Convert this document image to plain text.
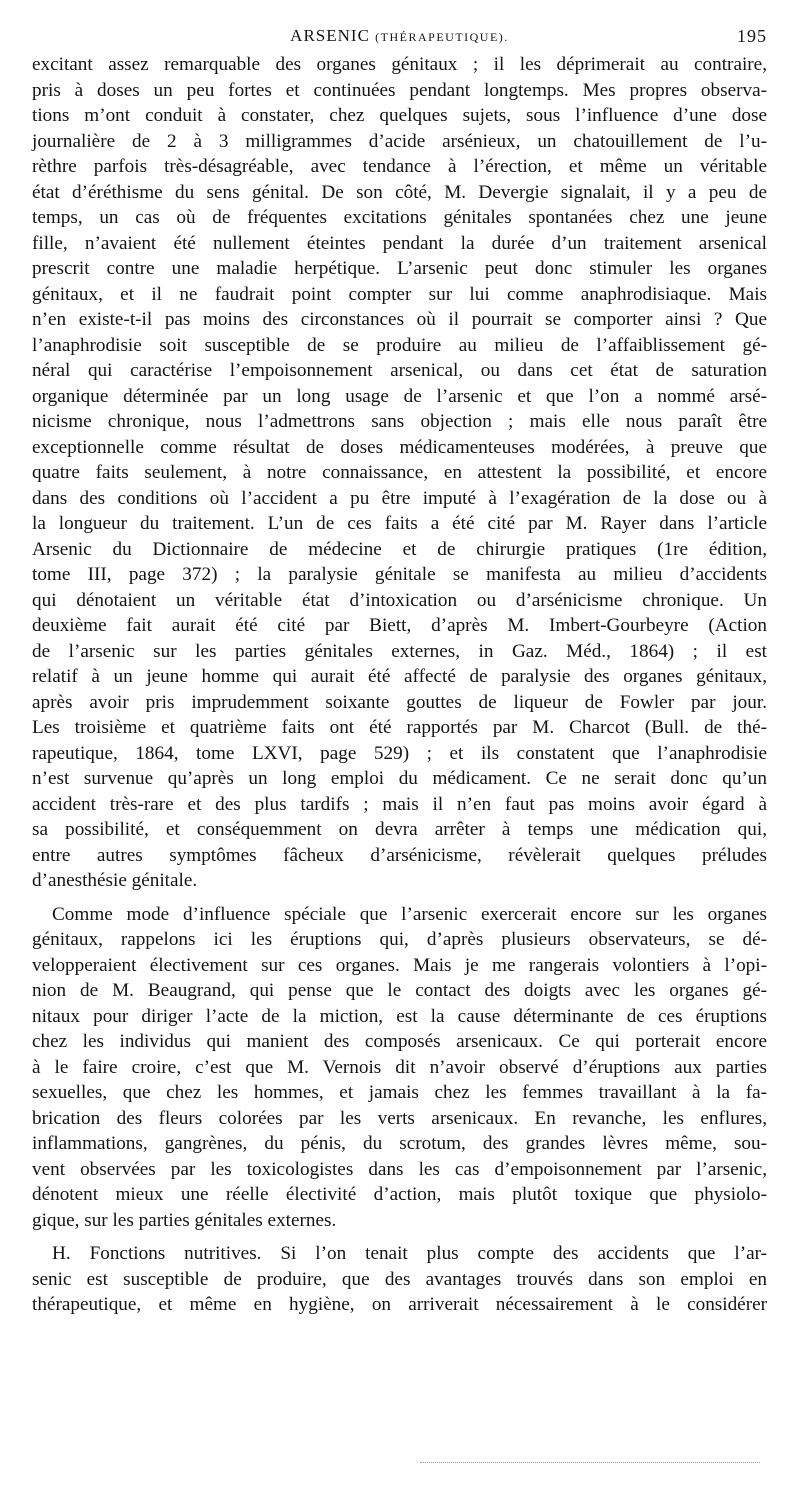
ARSENIC (THÉRAPEUTIQUE).	195

excitant assez remarquable des organes génitaux ; il les déprimerait au contraire,
pris à doses un peu fortes et continuées pendant longtemps. Mes propres observa-
tions m’ont conduit à constater, chez quelques sujets, sous l’influence d’une dose
journalière de 2 à 3 milligrammes d’acide arsénieux, un chatouillement de l’u-
rèthre parfois très-désagréable, avec tendance à l’érection, et même un véritable
état d’éréthisme du sens génital. De son côté, M. Devergie signalait, il y a peu de
temps, un cas où de fréquentes excitations génitales spontanées chez une jeune
fille, n’avaient été nullement éteintes pendant la durée d’un traitement arsenical
prescrit contre une maladie herpétique. L’arsenic peut donc stimuler les organes
génitaux, et il ne faudrait point compter sur lui comme anaphrodisiaque. Mais
n’en existe-t-il pas moins des circonstances où il pourrait se comporter ainsi ? Que
l’anaphrodisie soit susceptible de se produire au milieu de l’affaiblissement gé-
néral qui caractérise l’empoisonnement arsenical, ou dans cet état de saturation
organique déterminée par un long usage de l’arsenic et que l’on a nommé arsé-
nicisme chronique, nous l’admettrons sans objection ; mais elle nous paraît être
exceptionnelle comme résultat de doses médicamenteuses modérées, à preuve que
quatre faits seulement, à notre connaissance, en attestent la possibilité, et encore
dans des conditions où l’accident a pu être imputé à l’exagération de la dose ou à
la longueur du traitement. L’un de ces faits a été cité par M. Rayer dans l’article
Arsenic du Dictionnaire de médecine et de chirurgie pratiques (1re édition,
tome III, page 372) ; la paralysie génitale se manifesta au milieu d’accidents
qui dénotaient un véritable état d’intoxication ou d’arsénicisme chronique. Un
deuxième fait aurait été cité par Biett, d’après M. Imbert-Gourbeyre (Action
de l’arsenic sur les parties génitales externes, in Gaz. Méd., 1864) ; il est
relatif à un jeune homme qui aurait été affecté de paralysie des organes génitaux,
après avoir pris imprudemment soixante gouttes de liqueur de Fowler par jour.
Les troisième et quatrième faits ont été rapportés par M. Charcot (Bull. de thé-
rapeutique, 1864, tome LXVI, page 529) ; et ils constatent que l’anaphrodisie
n’est survenue qu’après un long emploi du médicament. Ce ne serait donc qu’un
accident très-rare et des plus tardifs ; mais il n’en faut pas moins avoir égard à
sa possibilité, et conséquemment on devra arrêter à temps une médication qui,
entre autres symptômes fâcheux d’arsénicisme, révèlerait quelques préludes
d’anesthésie génitale.

Comme mode d’influence spéciale que l’arsenic exercerait encore sur les organes
génitaux, rappelons ici les éruptions qui, d’après plusieurs observateurs, se dé-
velopperaient électivement sur ces organes. Mais je me rangerais volontiers à l’opi-
nion de M. Beaugrand, qui pense que le contact des doigts avec les organes gé-
nitaux pour diriger l’acte de la miction, est la cause déterminante de ces éruptions
chez les individus qui manient des composés arsenicaux. Ce qui porterait encore
à le faire croire, c’est que M. Vernois dit n’avoir observé d’éruptions aux parties
sexuelles, que chez les hommes, et jamais chez les femmes travaillant à la fa-
brication des fleurs colorées par les verts arsenicaux. En revanche, les enflures,
inflammations, gangrènes, du pénis, du scrotum, des grandes lèvres même, sou-
vent observées par les toxicologistes dans les cas d’empoisonnement par l’arsenic,
dénotent mieux une réelle électivité d’action, mais plutôt toxique que physiolo-
gique, sur les parties génitales externes.

H. Fonctions nutritives. Si l’on tenait plus compte des accidents que l’ar-
senic est susceptible de produire, que des avantages trouvés dans son emploi en
thérapeutique, et même en hygiène, on arriverait nécessairement à le considérer
